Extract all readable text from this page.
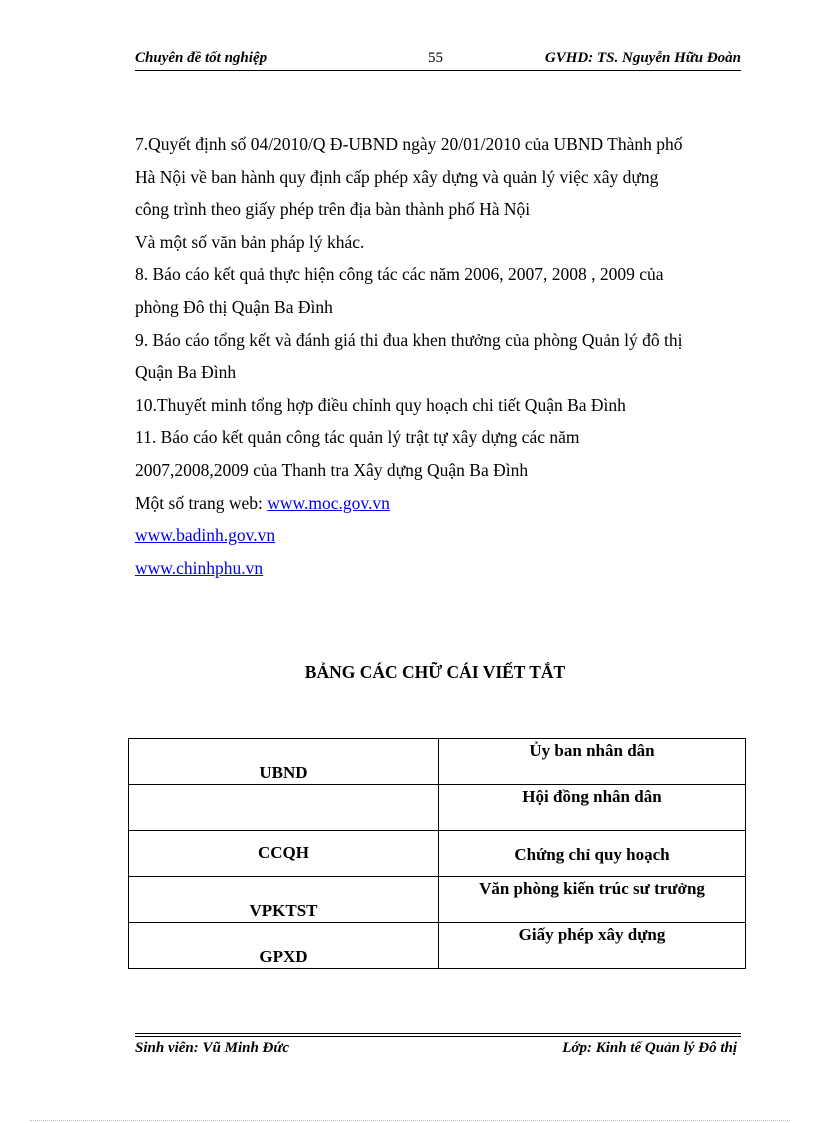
Chuyên đề tốt nghiệp	55	GVHD: TS. Nguyễn Hữu Đoàn
7.Quyết định số 04/2010/Q Đ-UBND ngày 20/01/2010 của UBND Thành phố
Hà Nội về ban hành quy định cấp phép xây dựng và quản lý việc xây dựng
công trình theo giấy phép trên địa bàn thành phố Hà Nội
Và một số văn bản pháp lý khác.
8. Báo cáo kết quả thực hiện công tác các năm 2006, 2007, 2008 , 2009 của
phòng Đô thị Quận Ba Đình
9. Báo cáo tổng kết và đánh giá thi đua khen thưởng của phòng Quản lý đô thị
Quận Ba Đình
10.Thuyết minh tổng hợp điều chỉnh quy hoạch chi tiết Quận Ba Đình
11. Báo cáo kết quản công tác quản lý trật tự xây dựng các năm
2007,2008,2009 của Thanh tra Xây dựng Quận Ba Đình
Một số trang web: www.moc.gov.vn
www.badinh.gov.vn
www.chinhphu.vn
BẢNG CÁC CHỮ CÁI VIẾT TẮT
UBND	Ủy ban nhân dân
	Hội đồng nhân dân
CCQH	Chứng chỉ quy hoạch
VPKTST	Văn phòng kiến trúc sư trưởng
GPXD	Giấy phép xây dựng
Sinh viên: Vũ Minh Đức	Lớp: Kinh tế Quản lý Đô thị
